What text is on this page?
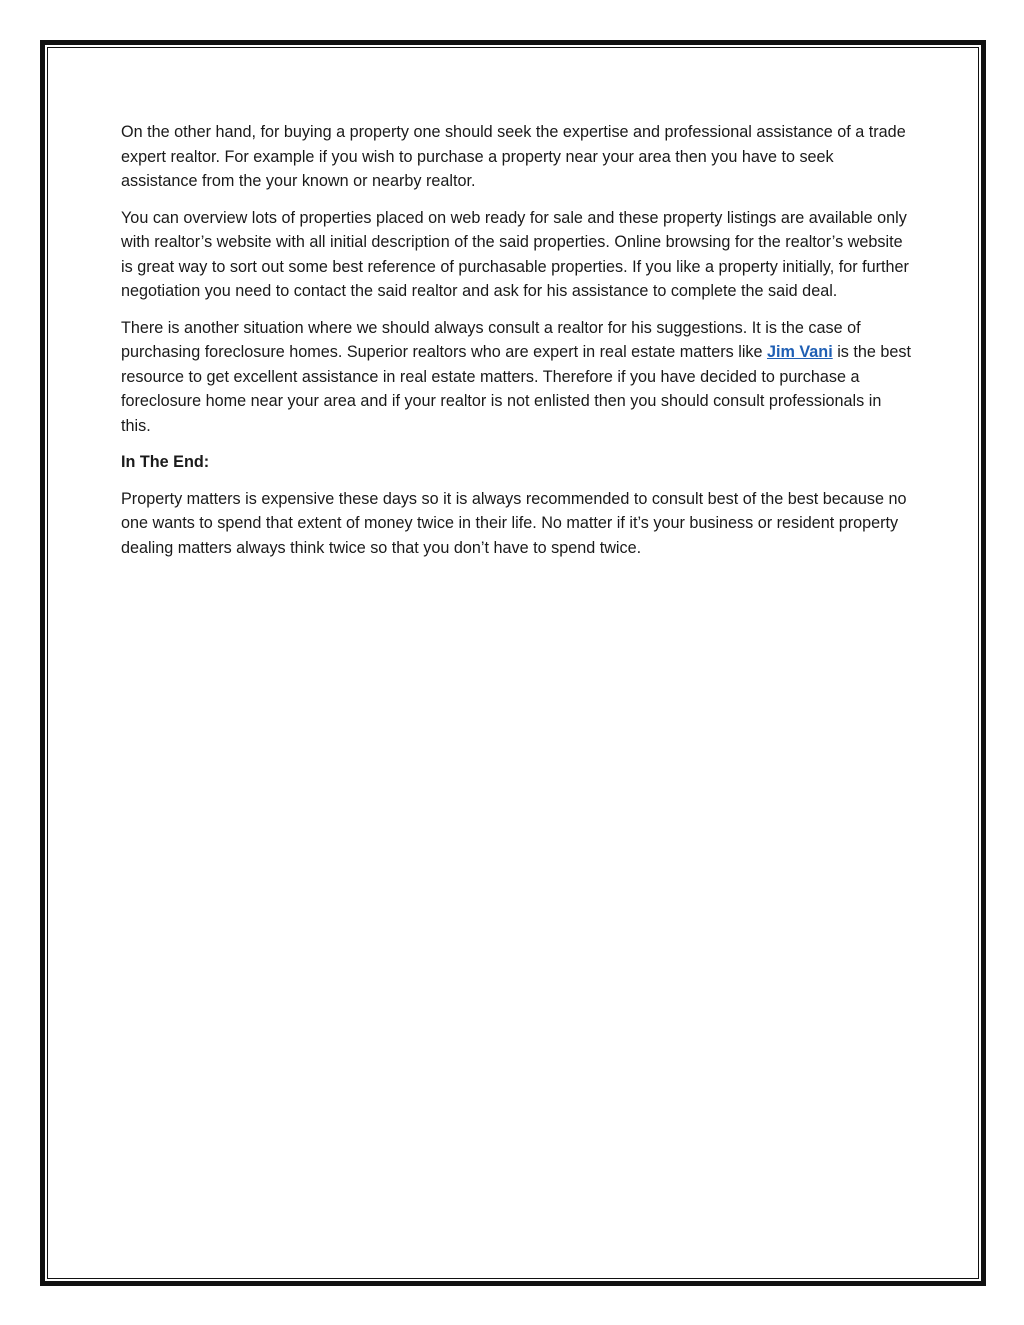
On the other hand, for buying a property one should seek the expertise and professional assistance of a trade expert realtor. For example if you wish to purchase a property near your area then you have to seek assistance from the your known or nearby realtor.

You can overview lots of properties placed on web ready for sale and these property listings are available only with realtor’s website with all initial description of the said properties. Online browsing for the realtor’s website is great way to sort out some best reference of purchasable properties. If you like a property initially, for further negotiation you need to contact the said realtor and ask for his assistance to complete the said deal.

There is another situation where we should always consult a realtor for his suggestions. It is the case of purchasing foreclosure homes. Superior realtors who are expert in real estate matters like Jim Vani is the best resource to get excellent assistance in real estate matters. Therefore if you have decided to purchase a foreclosure home near your area and if your realtor is not enlisted then you should consult professionals in this.

In The End:

Property matters is expensive these days so it is always recommended to consult best of the best because no one wants to spend that extent of money twice in their life. No matter if it’s your business or resident property dealing matters always think twice so that you don’t have to spend twice.
